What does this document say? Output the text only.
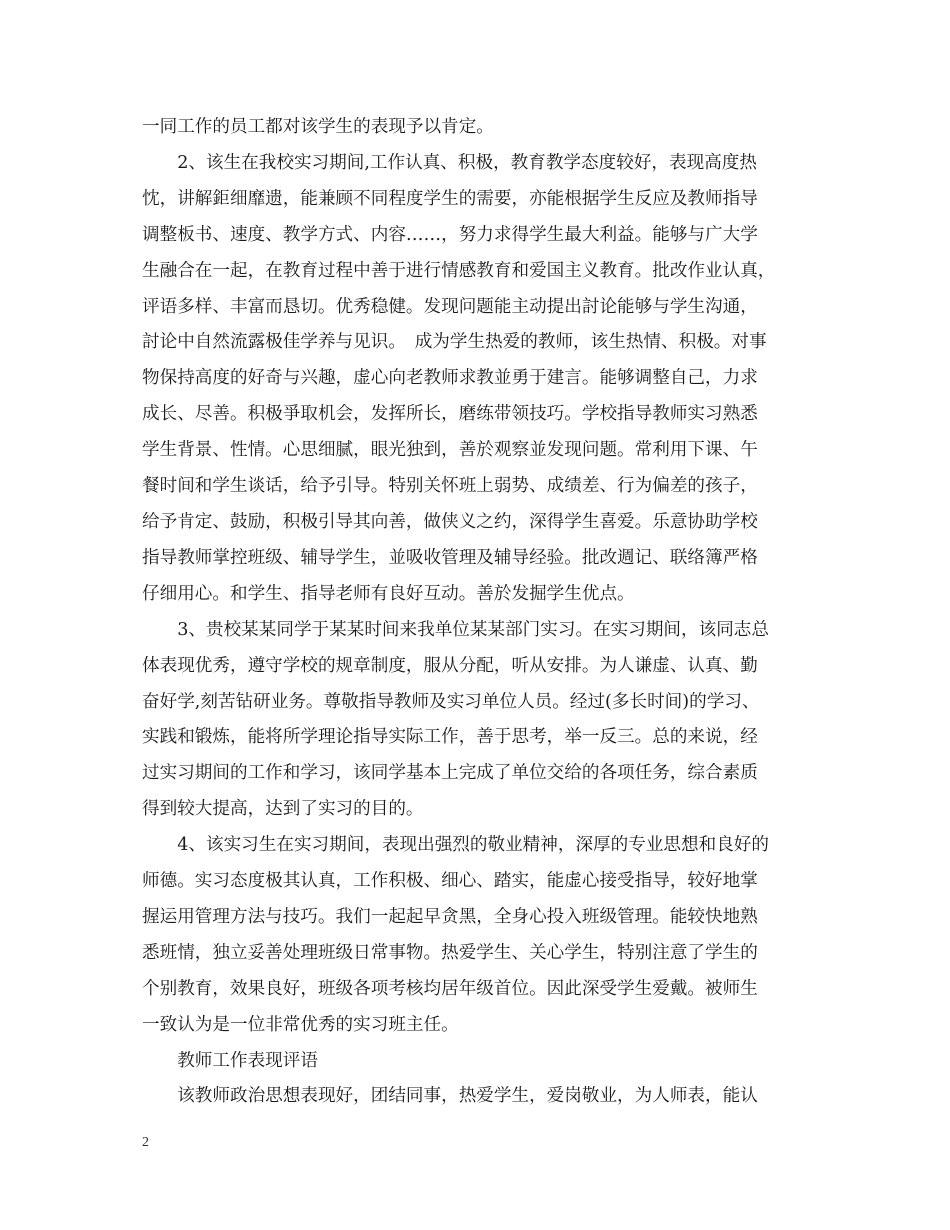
一同工作的员工都对该学生的表现予以肯定。

2、该生在我校实习期间,工作认真、积极，教育教学态度较好，表现高度热
忱，讲解鉅细靡遗，能兼顾不同程度学生的需要，亦能根据学生反应及教师指导
调整板书、速度、教学方式、内容……，努力求得学生最大利益。能够与广大学
生融合在一起，在教育过程中善于进行情感教育和爱国主义教育。批改作业认真，
评语多样、丰富而恳切。优秀稳健。发现问题能主动提出討论能够与学生沟通，
討论中自然流露极佳学养与见识。　成为学生热爱的教师，该生热情、积极。对事
物保持高度的好奇与兴趣，虚心向老教师求教並勇于建言。能够调整自己，力求
成长、尽善。积极爭取机会，发挥所长，磨练带领技巧。学校指导教师实习熟悉
学生背景、性情。心思细腻，眼光独到，善於观察並发现问题。常利用下课、午
餐时间和学生谈话，给予引导。特别关怀班上弱势、成绩差、行为偏差的孩子，
给予肯定、鼓励，积极引导其向善，做侠义之约，深得学生喜爱。乐意协助学校
指导教师掌控班级、辅导学生，並吸收管理及辅导经验。批改週记、联络簿严格
仔细用心。和学生、指导老师有良好互动。善於发掘学生优点。

3、贵校某某同学于某某时间来我单位某某部门实习。在实习期间，该同志总
体表现优秀，遵守学校的规章制度，服从分配，听从安排。为人谦虚、认真、勤
奋好学,刻苦钻研业务。尊敬指导教师及实习单位人员。经过(多长时间)的学习、
实践和锻炼，能将所学理论指导实际工作，善于思考，举一反三。总的来说，经
过实习期间的工作和学习，该同学基本上完成了单位交给的各项任务，综合素质
得到较大提高，达到了实习的目的。

4、该实习生在实习期间，表现出强烈的敬业精神，深厚的专业思想和良好的
师德。实习态度极其认真，工作积极、细心、踏实，能虚心接受指导，较好地掌
握运用管理方法与技巧。我们一起起早贪黑，全身心投入班级管理。能较快地熟
悉班情，独立妥善处理班级日常事物。热爱学生、关心学生，特别注意了学生的
个别教育，效果良好，班级各项考核均居年级首位。因此深受学生爱戴。被师生
一致认为是一位非常优秀的实习班主任。

教师工作表现评语

该教师政治思想表现好，团结同事，热爱学生，爱岗敬业，为人师表，能认

2
